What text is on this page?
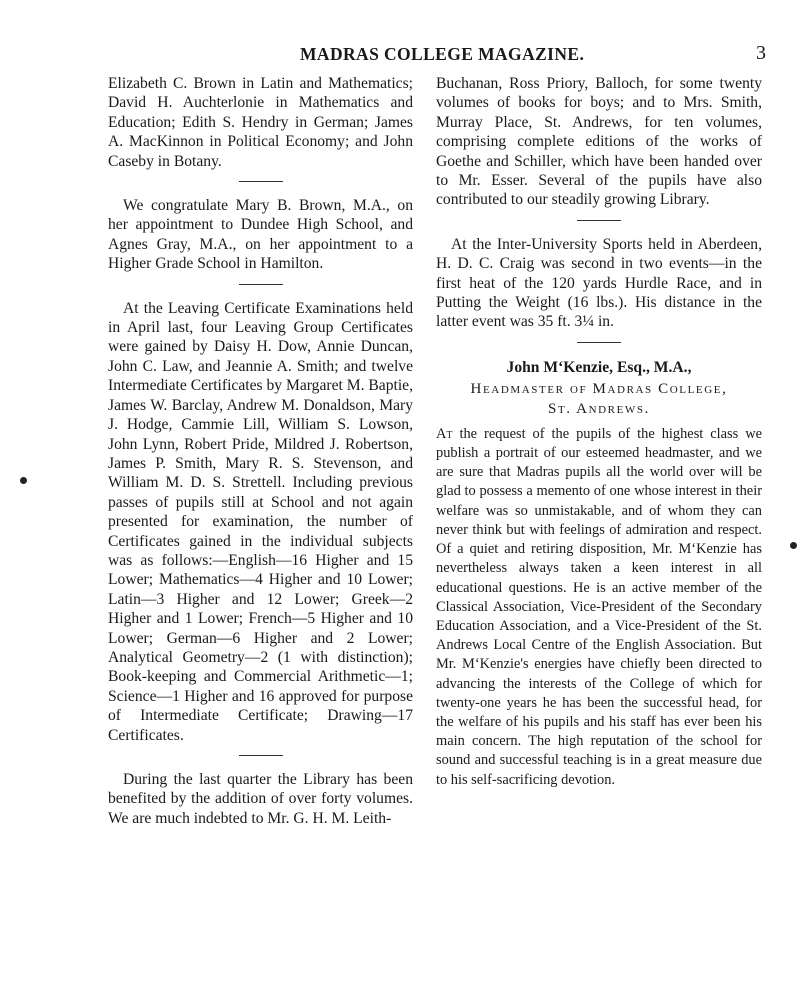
MADRAS COLLEGE MAGAZINE.	3

Elizabeth C. Brown in Latin and Mathematics; David H. Auchterlonie in Mathematics and Education; Edith S. Hendry in German; James A. MacKinnon in Political Economy; and John Caseby in Botany.

We congratulate Mary B. Brown, M.A., on her appointment to Dundee High School, and Agnes Gray, M.A., on her appointment to a Higher Grade School in Hamilton.

At the Leaving Certificate Examinations held in April last, four Leaving Group Certificates were gained by Daisy H. Dow, Annie Duncan, John C. Law, and Jeannie A. Smith; and twelve Intermediate Certificates by Margaret M. Baptie, James W. Barclay, Andrew M. Donaldson, Mary J. Hodge, Cammie Lill, William S. Lowson, John Lynn, Robert Pride, Mildred J. Robertson, James P. Smith, Mary R. S. Stevenson, and William M. D. S. Strettell. Including previous passes of pupils still at School and not again presented for examination, the number of Certificates gained in the individual subjects was as follows:—English—16 Higher and 15 Lower; Mathematics—4 Higher and 10 Lower; Latin—3 Higher and 12 Lower; Greek—2 Higher and 1 Lower; French—5 Higher and 10 Lower; German—6 Higher and 2 Lower; Analytical Geometry—2 (1 with distinction); Book-keeping and Commercial Arithmetic—1; Science—1 Higher and 16 approved for purpose of Intermediate Certificate; Drawing—17 Certificates.

During the last quarter the Library has been benefited by the addition of over forty volumes. We are much indebted to Mr. G. H. M. Leith-

Buchanan, Ross Priory, Balloch, for some twenty volumes of books for boys; and to Mrs. Smith, Murray Place, St. Andrews, for ten volumes, comprising complete editions of the works of Goethe and Schiller, which have been handed over to Mr. Esser. Several of the pupils have also contributed to our steadily growing Library.

At the Inter-University Sports held in Aberdeen, H. D. C. Craig was second in two events—in the first heat of the 120 yards Hurdle Race, and in Putting the Weight (16 lbs.). His distance in the latter event was 35 ft. 3¼ in.

John M‘Kenzie, Esq., M.A.,
Headmaster of Madras College,
St. Andrews.

At the request of the pupils of the highest class we publish a portrait of our esteemed headmaster, and we are sure that Madras pupils all the world over will be glad to possess a memento of one whose interest in their welfare was so unmistakable, and of whom they can never think but with feelings of admiration and respect. Of a quiet and retiring disposition, Mr. M‘Kenzie has nevertheless always taken a keen interest in all educational questions. He is an active member of the Classical Association, Vice-President of the Secondary Education Association, and a Vice-President of the St. Andrews Local Centre of the English Association. But Mr. M‘Kenzie's energies have chiefly been directed to advancing the interests of the College of which for twenty-one years he has been the successful head, for the welfare of his pupils and his staff has ever been his main concern. The high reputation of the school for sound and successful teaching is in a great measure due to his self-sacrificing devotion.
